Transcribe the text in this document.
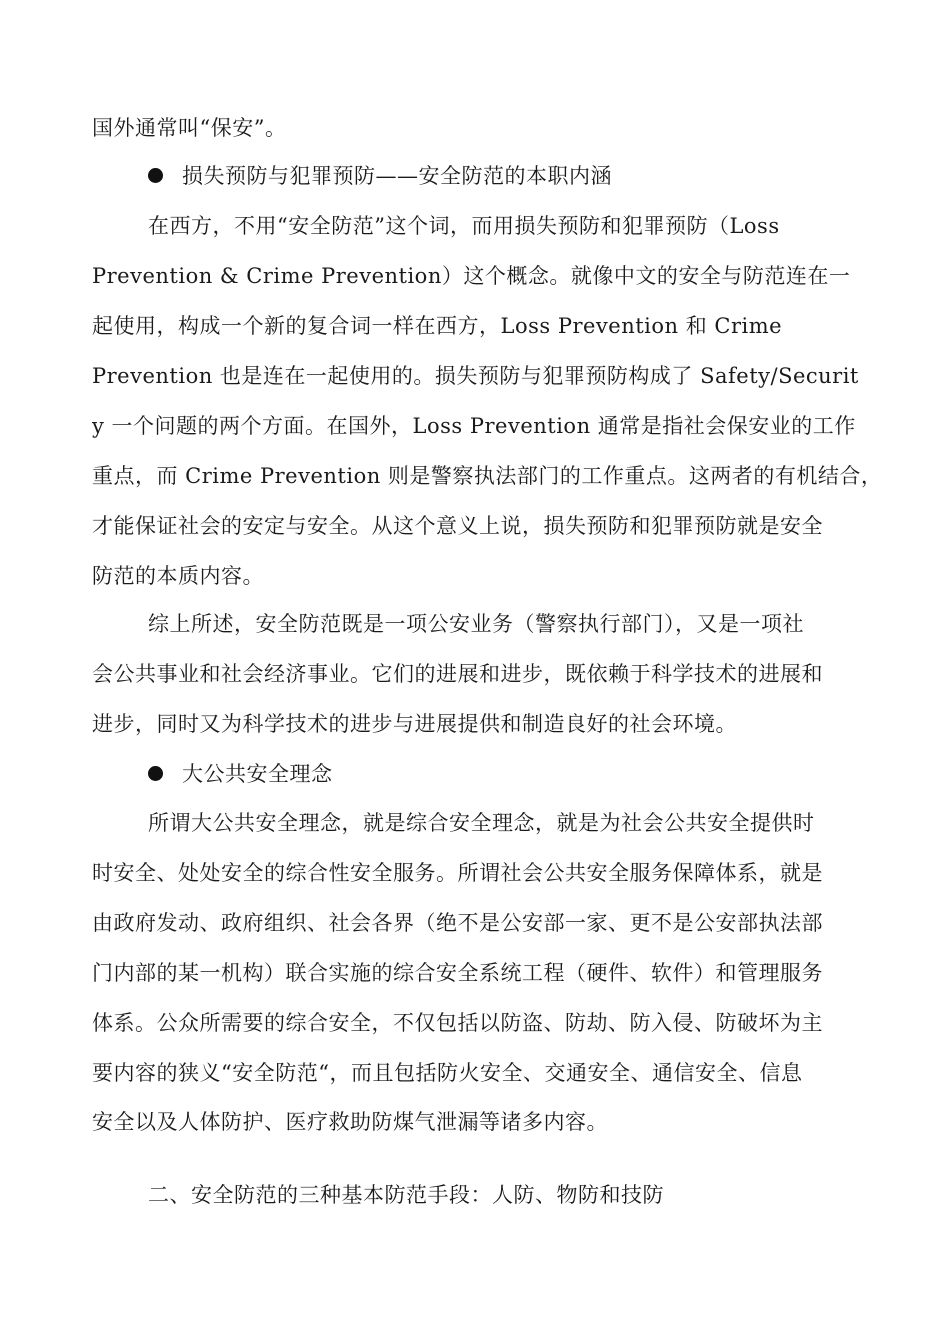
国外通常叫“保安”。
损失预防与犯罪预防——安全防范的本职内涵
在西方，不用“安全防范”这个词，而用损失预防和犯罪预防（Loss
Prevention & Crime Prevention）这个概念。就像中文的安全与防范连在一
起使用，构成一个新的复合词一样在西方，Loss Prevention 和 Crime
Prevention 也是连在一起使用的。损失预防与犯罪预防构成了 Safety/Securit
y 一个问题的两个方面。在国外，Loss Prevention 通常是指社会保安业的工作
重点，而 Crime Prevention 则是警察执法部门的工作重点。这两者的有机结合，
才能保证社会的安定与安全。从这个意义上说，损失预防和犯罪预防就是安全
防范的本质内容。
综上所述，安全防范既是一项公安业务（警察执行部门），又是一项社
会公共事业和社会经济事业。它们的进展和进步，既依赖于科学技术的进展和
进步，同时又为科学技术的进步与进展提供和制造良好的社会环境。
大公共安全理念
所谓大公共安全理念，就是综合安全理念，就是为社会公共安全提供时
时安全、处处安全的综合性安全服务。所谓社会公共安全服务保障体系，就是
由政府发动、政府组织、社会各界（绝不是公安部一家、更不是公安部执法部
门内部的某一机构）联合实施的综合安全系统工程（硬件、软件）和管理服务
体系。公众所需要的综合安全，不仅包括以防盗、防劫、防入侵、防破坏为主
要内容的狭义“安全防范“，而且包括防火安全、交通安全、通信安全、信息
安全以及人体防护、医疗救助防煤气泄漏等诸多内容。
二、安全防范的三种基本防范手段：人防、物防和技防
